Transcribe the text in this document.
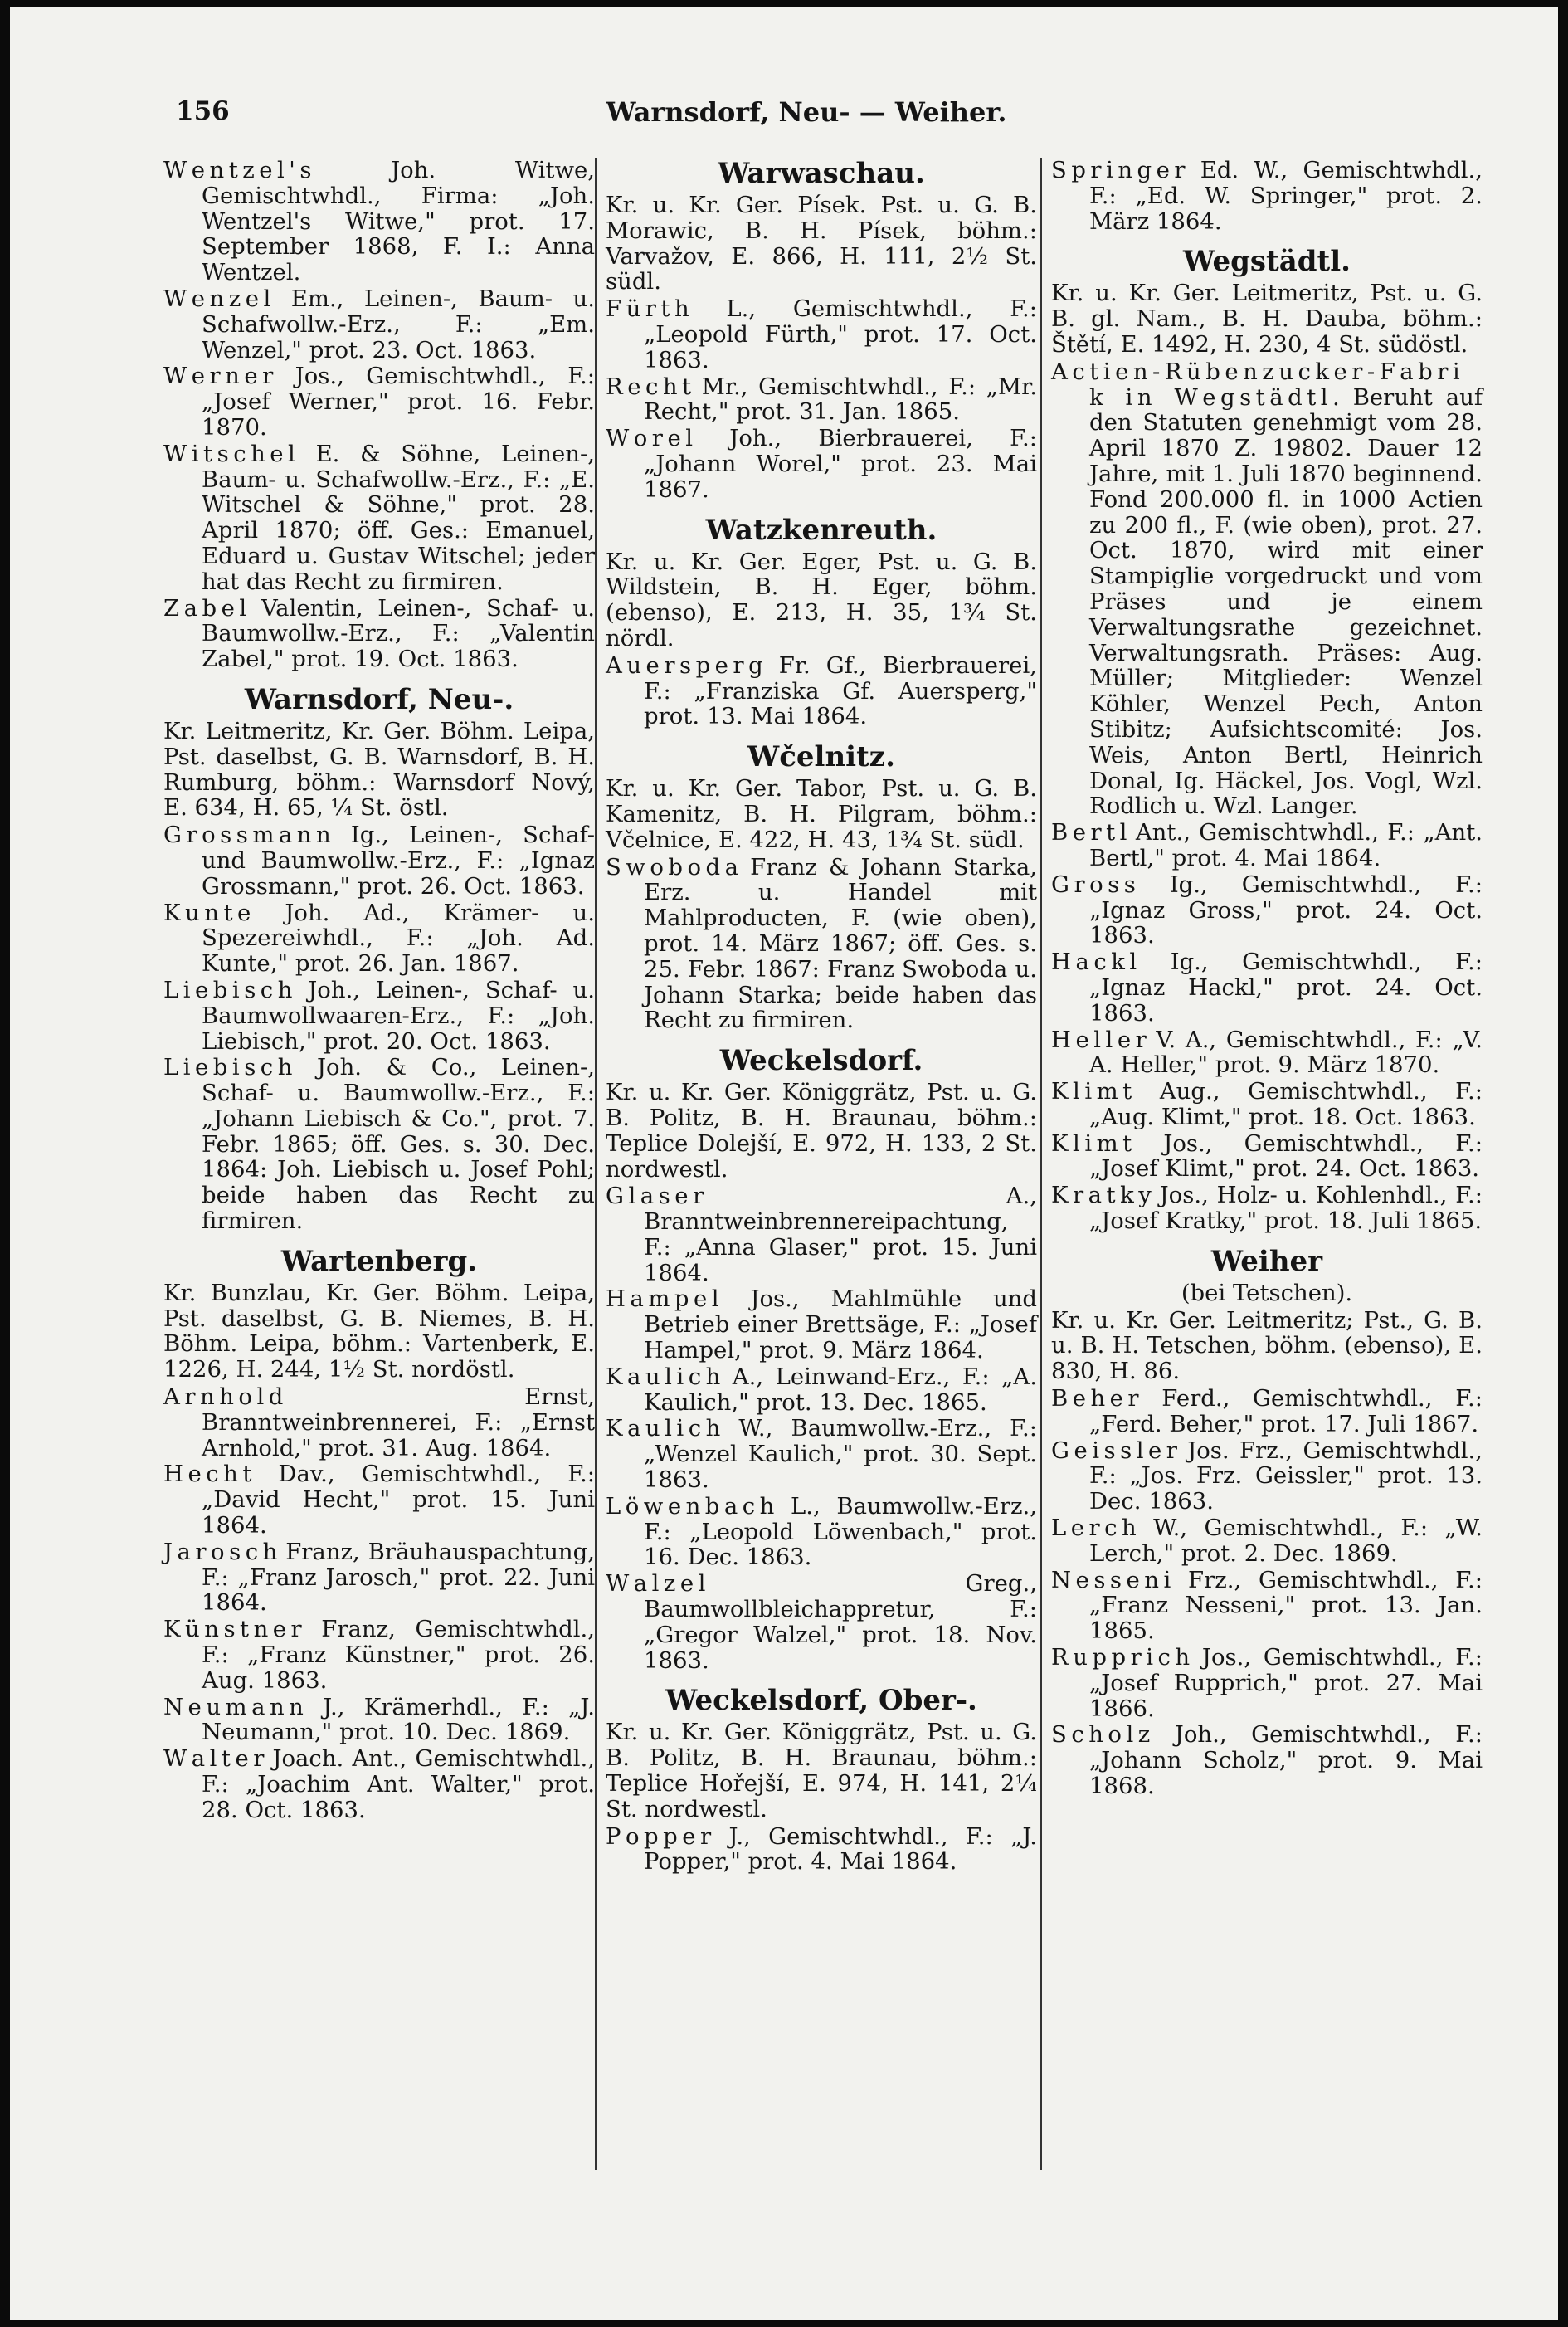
156	Warnsdorf, Neu- — Weiher.
W e n t z e l ' s Joh. Witwe, Gemischtwhdl., Firma: „Joh. Wentzel's Witwe," prot. 17. September 1868, F. I.: Anna Wentzel.
W e n z e l Em., Leinen-, Baum- u. Schafwollw.-Erz., F.: „Em. Wenzel," prot. 23. Oct. 1863.
W e r n e r Jos., Gemischtwhdl., F.: „Josef Werner," prot. 16. Febr. 1870.
W i t s c h e l E. & Söhne, Leinen-, Baum- u. Schafwollw.-Erz., F.: „E. Witschel & Söhne," prot. 28. April 1870; öff. Ges.: Emanuel, Eduard u. Gustav Witschel; jeder hat das Recht zu firmiren.
Z a b e l Valentin, Leinen-, Schaf- u. Baumwollw.-Erz., F.: „Valentin Zabel," prot. 19. Oct. 1863.
Warnsdorf, Neu-.
Kr. Leitmeritz, Kr. Ger. Böhm. Leipa, Pst. daselbst, G. B. Warnsdorf, B. H. Rumburg, böhm.: Warnsdorf Nový, E. 634, H. 65, ¼ St. östl.
G r o s s m a n n Ig., Leinen-, Schaf- und Baumwollw.-Erz., F.: „Ignaz Grossmann," prot. 26. Oct. 1863.
K u n t e Joh. Ad., Krämer- u. Spezereiwhdl., F.: „Joh. Ad. Kunte," prot. 26. Jan. 1867.
L i e b i s c h Joh., Leinen-, Schaf- u. Baumwollwaaren-Erz., F.: „Joh. Liebisch," prot. 20. Oct. 1863.
L i e b i s c h Joh. & Co., Leinen-, Schaf- u. Baumwollw.-Erz., F.: „Johann Liebisch & Co.", prot. 7. Febr. 1865; öff. Ges. s. 30. Dec. 1864: Joh. Liebisch u. Josef Pohl; beide haben das Recht zu firmiren.
Wartenberg.
Kr. Bunzlau, Kr. Ger. Böhm. Leipa, Pst. daselbst, G. B. Niemes, B. H. Böhm. Leipa, böhm.: Vartenberk, E. 1226, H. 244, 1½ St. nordöstl.
A r n h o l d Ernst, Branntweinbrennerei, F.: „Ernst Arnhold," prot. 31. Aug. 1864.
H e c h t Dav., Gemischtwhdl., F.: „David Hecht," prot. 15. Juni 1864.
J a r o s c h Franz, Bräuhauspachtung, F.: „Franz Jarosch," prot. 22. Juni 1864.
K ü n s t n e r Franz, Gemischtwhdl., F.: „Franz Künstner," prot. 26. Aug. 1863.
N e u m a n n J., Krämerhdl., F.: „J. Neumann," prot. 10. Dec. 1869.
W a l t e r Joach. Ant., Gemischtwhdl., F.: „Joachim Ant. Walter," prot. 28. Oct. 1863.
Warwaschau.
Kr. u. Kr. Ger. Písek. Pst. u. G. B. Morawic, B. H. Písek, böhm.: Varvažov, E. 866, H. 111, 2½ St. südl.
F ü r t h L., Gemischtwhdl., F.: „Leopold Fürth," prot. 17. Oct. 1863.
R e c h t Mr., Gemischtwhdl., F.: „Mr. Recht," prot. 31. Jan. 1865.
W o r e l Joh., Bierbrauerei, F.: „Johann Worel," prot. 23. Mai 1867.
Watzkenreuth.
Kr. u. Kr. Ger. Eger, Pst. u. G. B. Wildstein, B. H. Eger, böhm. (ebenso), E. 213, H. 35, 1¾ St. nördl.
A u e r s p e r g Fr. Gf., Bierbrauerei, F.: „Franziska Gf. Auersperg," prot. 13. Mai 1864.
Wčelnitz.
Kr. u. Kr. Ger. Tabor, Pst. u. G. B. Kamenitz, B. H. Pilgram, böhm.: Včelnice, E. 422, H. 43, 1¾ St. südl.
S w o b o d a Franz & Johann Starka, Erz. u. Handel mit Mahlproducten, F. (wie oben), prot. 14. März 1867; öff. Ges. s. 25. Febr. 1867: Franz Swoboda u. Johann Starka; beide haben das Recht zu firmiren.
Weckelsdorf.
Kr. u. Kr. Ger. Königgrätz, Pst. u. G. B. Politz, B. H. Braunau, böhm.: Teplice Dolejší, E. 972, H. 133, 2 St. nordwestl.
G l a s e r A., Branntweinbrennereipachtung, F.: „Anna Glaser," prot. 15. Juni 1864.
H a m p e l Jos., Mahlmühle und Betrieb einer Brettsäge, F.: „Josef Hampel," prot. 9. März 1864.
K a u l i c h A., Leinwand-Erz., F.: „A. Kaulich," prot. 13. Dec. 1865.
K a u l i c h W., Baumwollw.-Erz., F.: „Wenzel Kaulich," prot. 30. Sept. 1863.
L ö w e n b a c h L., Baumwollw.-Erz., F.: „Leopold Löwenbach," prot. 16. Dec. 1863.
W a l z e l Greg., Baumwollbleichappretur, F.: „Gregor Walzel," prot. 18. Nov. 1863.
Weckelsdorf, Ober-.
Kr. u. Kr. Ger. Königgrätz, Pst. u. G. B. Politz, B. H. Braunau, böhm.: Teplice Hořejší, E. 974, H. 141, 2¼ St. nordwestl.
P o p p e r J., Gemischtwhdl., F.: „J. Popper," prot. 4. Mai 1864.
S p r i n g e r Ed. W., Gemischtwhdl., F.: „Ed. W. Springer," prot. 2. März 1864.
Wegstädtl.
Kr. u. Kr. Ger. Leitmeritz, Pst. u. G. B. gl. Nam., B. H. Dauba, böhm.: Štětí, E. 1492, H. 230, 4 St. südöstl.
A c t i e n - R ü b e n z u c k e r - F a b r i k   i n   W e g s t ä d t l . Beruht auf den Statuten genehmigt vom 28. April 1870 Z. 19802. Dauer 12 Jahre, mit 1. Juli 1870 beginnend. Fond 200.000 fl. in 1000 Actien zu 200 fl., F. (wie oben), prot. 27. Oct. 1870, wird mit einer Stampiglie vorgedruckt und vom Präses und je einem Verwaltungsrathe gezeichnet. Verwaltungsrath. Präses: Aug. Müller; Mitglieder: Wenzel Köhler, Wenzel Pech, Anton Stibitz; Aufsichtscomité: Jos. Weis, Anton Bertl, Heinrich Donal, Ig. Häckel, Jos. Vogl, Wzl. Rodlich u. Wzl. Langer.
B e r t l Ant., Gemischtwhdl., F.: „Ant. Bertl," prot. 4. Mai 1864.
G r o s s Ig., Gemischtwhdl., F.: „Ignaz Gross," prot. 24. Oct. 1863.
H a c k l Ig., Gemischtwhdl., F.: „Ignaz Hackl," prot. 24. Oct. 1863.
H e l l e r V. A., Gemischtwhdl., F.: „V. A. Heller," prot. 9. März 1870.
K l i m t Aug., Gemischtwhdl., F.: „Aug. Klimt," prot. 18. Oct. 1863.
K l i m t Jos., Gemischtwhdl., F.: „Josef Klimt," prot. 24. Oct. 1863.
K r a t k y Jos., Holz- u. Kohlenhdl., F.: „Josef Kratky," prot. 18. Juli 1865.
Weiher
(bei Tetschen).
Kr. u. Kr. Ger. Leitmeritz; Pst., G. B. u. B. H. Tetschen, böhm. (ebenso), E. 830, H. 86.
B e h e r Ferd., Gemischtwhdl., F.: „Ferd. Beher," prot. 17. Juli 1867.
G e i s s l e r Jos. Frz., Gemischtwhdl., F.: „Jos. Frz. Geissler," prot. 13. Dec. 1863.
L e r c h W., Gemischtwhdl., F.: „W. Lerch," prot. 2. Dec. 1869.
N e s s e n i Frz., Gemischtwhdl., F.: „Franz Nesseni," prot. 13. Jan. 1865.
R u p p r i c h Jos., Gemischtwhdl., F.: „Josef Rupprich," prot. 27. Mai 1866.
S c h o l z Joh., Gemischtwhdl., F.: „Johann Scholz," prot. 9. Mai 1868.
